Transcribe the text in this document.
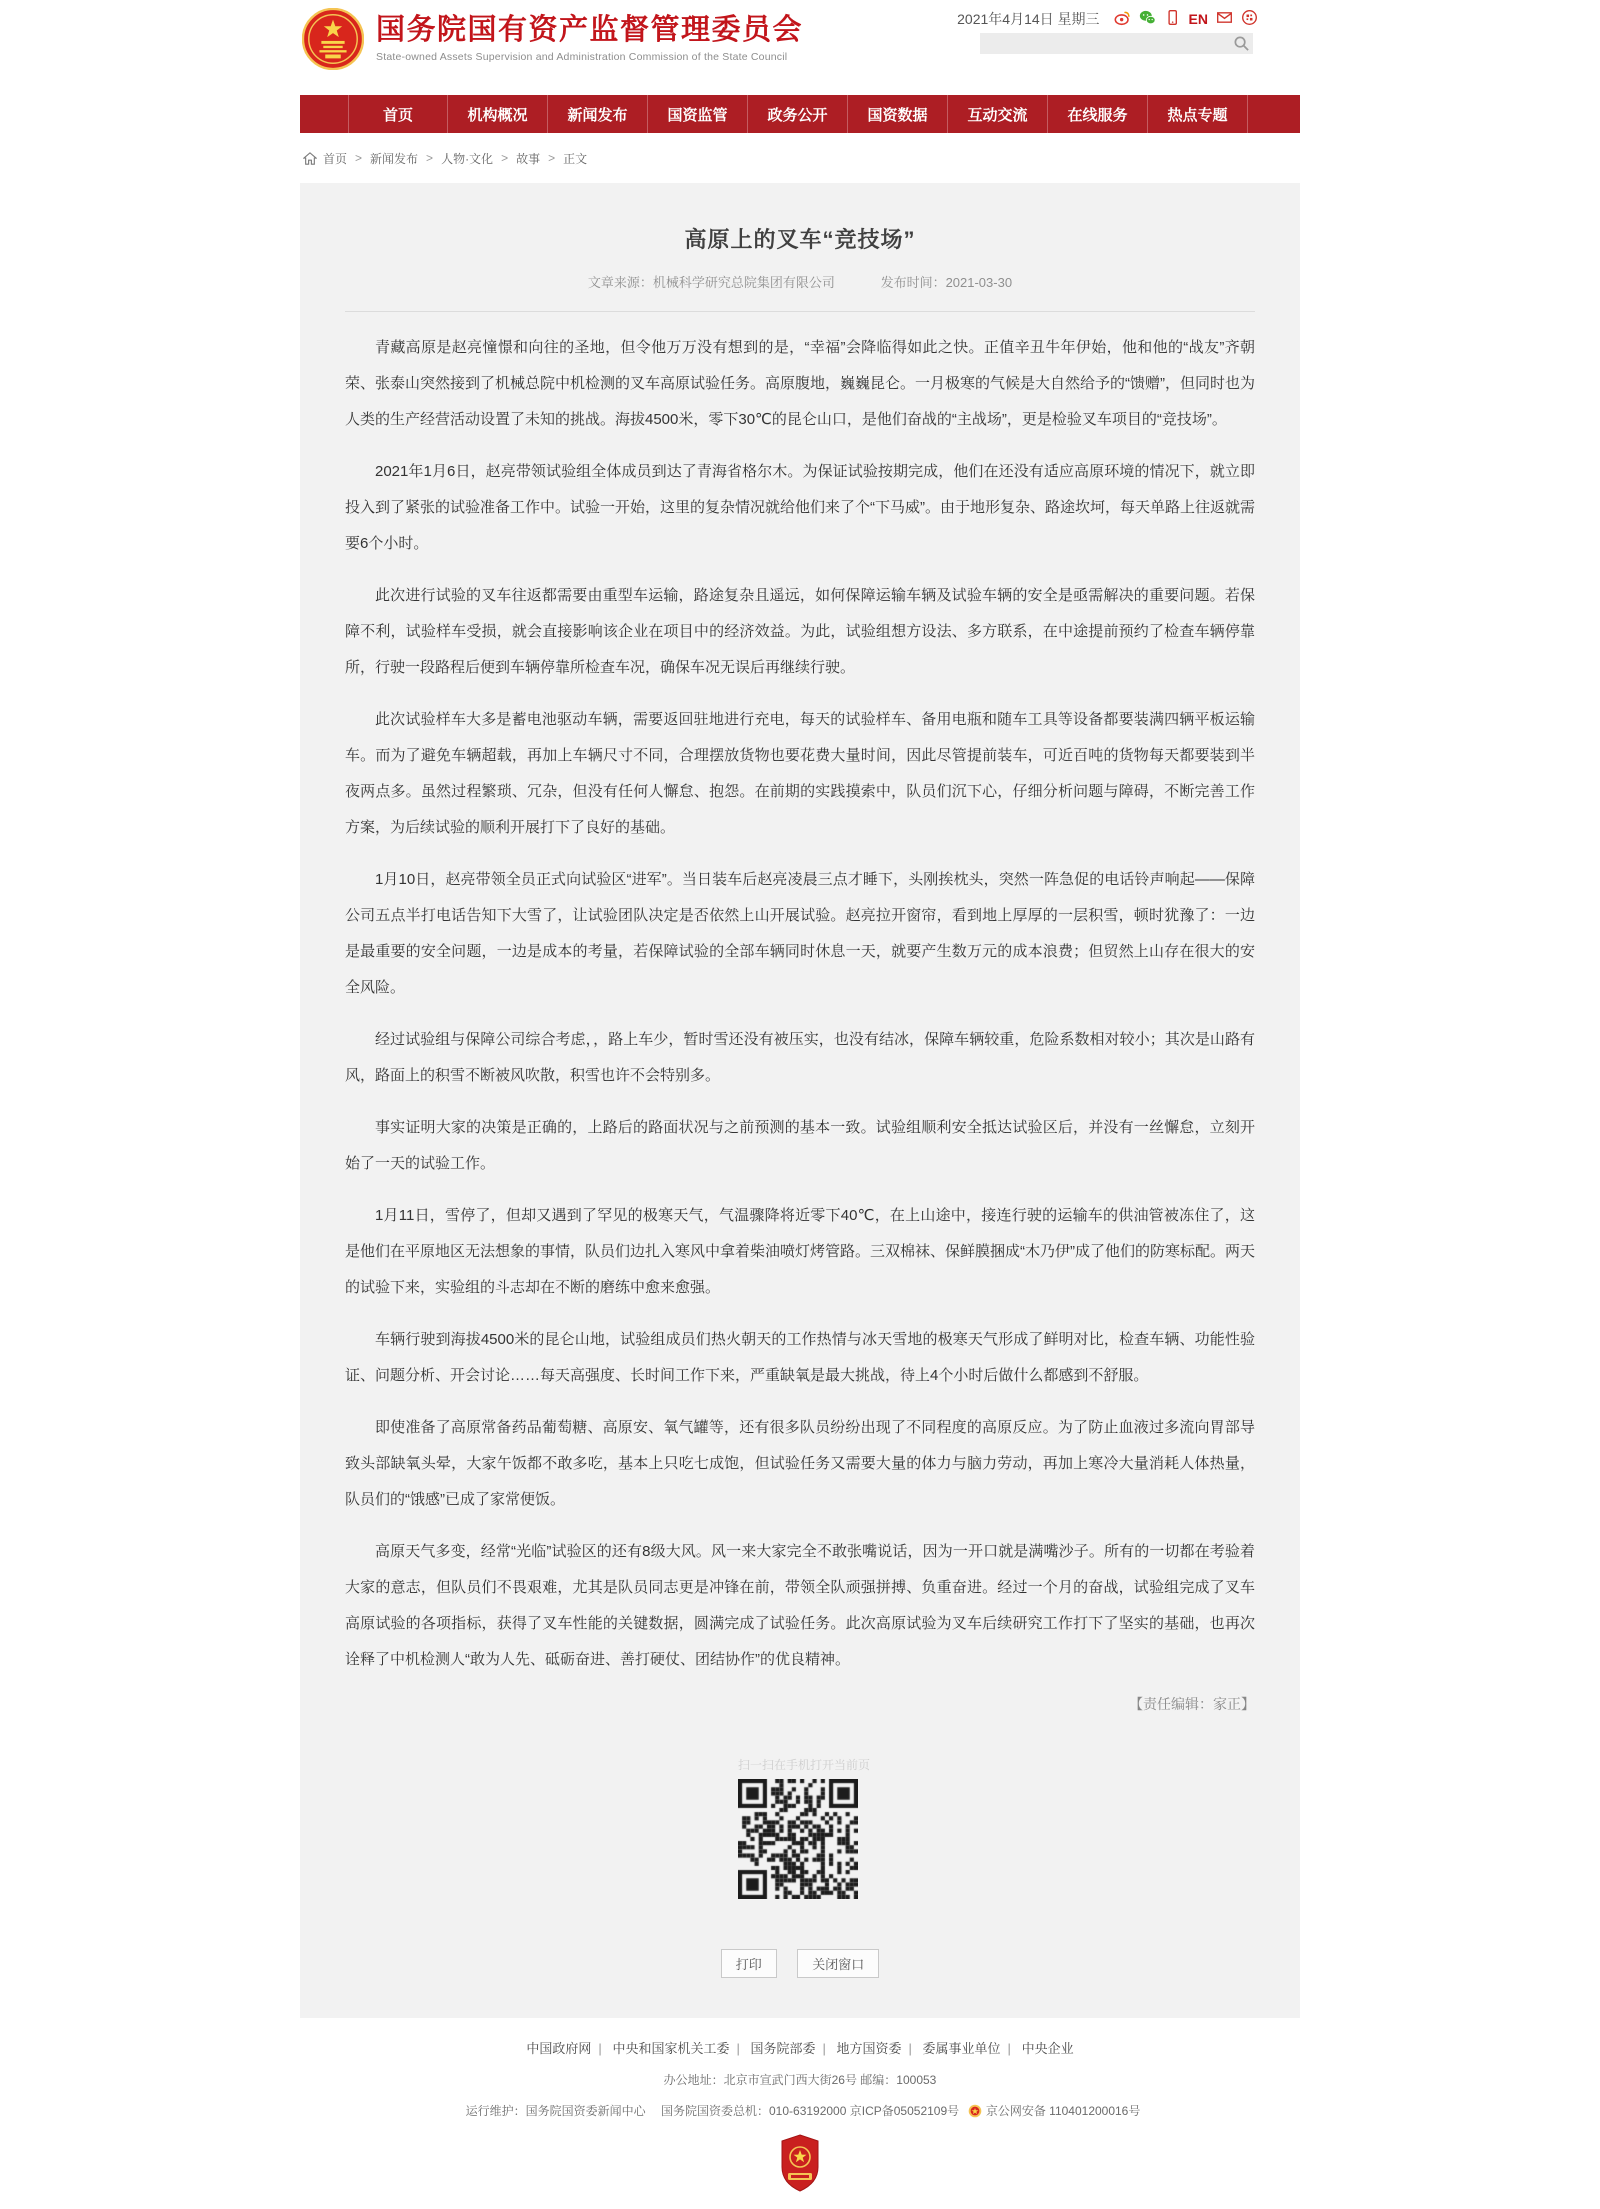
国务院国有资产监督管理委员会
State-owned Assets Supervision and Administration Commission of the State Council
2021年4月14日 星期三	EN
首页	机构概况	新闻发布	国资监管	政务公开	国资数据	互动交流	在线服务	热点专题
首页 > 新闻发布 > 人物·文化 > 故事 > 正文
高原上的叉车“竞技场”
文章来源：机械科学研究总院集团有限公司	发布时间：2021-03-30

青藏高原是赵亮憧憬和向往的圣地，但令他万万没有想到的是，“幸福”会降临得如此之快。正值辛丑牛年伊始，他和他的“战友”齐朝荣、张泰山突然接到了机械总院中机检测的叉车高原试验任务。高原腹地，巍巍昆仑。一月极寒的气候是大自然给予的“馈赠”，但同时也为人类的生产经营活动设置了未知的挑战。海拔4500米，零下30℃的昆仑山口，是他们奋战的“主战场”，更是检验叉车项目的“竞技场”。

2021年1月6日，赵亮带领试验组全体成员到达了青海省格尔木。为保证试验按期完成，他们在还没有适应高原环境的情况下，就立即投入到了紧张的试验准备工作中。试验一开始，这里的复杂情况就给他们来了个“下马威”。由于地形复杂、路途坎坷，每天单路上往返就需要6个小时。

此次进行试验的叉车往返都需要由重型车运输，路途复杂且遥远，如何保障运输车辆及试验车辆的安全是亟需解决的重要问题。若保障不利，试验样车受损，就会直接影响该企业在项目中的经济效益。为此，试验组想方设法、多方联系，在中途提前预约了检查车辆停靠所，行驶一段路程后便到车辆停靠所检查车况，确保车况无误后再继续行驶。

此次试验样车大多是蓄电池驱动车辆，需要返回驻地进行充电，每天的试验样车、备用电瓶和随车工具等设备都要装满四辆平板运输车。而为了避免车辆超载，再加上车辆尺寸不同，合理摆放货物也要花费大量时间，因此尽管提前装车，可近百吨的货物每天都要装到半夜两点多。虽然过程繁琐、冗杂，但没有任何人懈怠、抱怨。在前期的实践摸索中，队员们沉下心，仔细分析问题与障碍，不断完善工作方案，为后续试验的顺利开展打下了良好的基础。

1月10日，赵亮带领全员正式向试验区“进军”。当日装车后赵亮凌晨三点才睡下，头刚挨枕头，突然一阵急促的电话铃声响起——保障公司五点半打电话告知下大雪了，让试验团队决定是否依然上山开展试验。赵亮拉开窗帘，看到地上厚厚的一层积雪，顿时犹豫了：一边是最重要的安全问题，一边是成本的考量，若保障试验的全部车辆同时休息一天，就要产生数万元的成本浪费；但贸然上山存在很大的安全风险。

经过试验组与保障公司综合考虑，，路上车少，暂时雪还没有被压实，也没有结冰，保障车辆较重，危险系数相对较小；其次是山路有风，路面上的积雪不断被风吹散，积雪也许不会特别多。

事实证明大家的决策是正确的，上路后的路面状况与之前预测的基本一致。试验组顺利安全抵达试验区后，并没有一丝懈怠，立刻开始了一天的试验工作。

1月11日，雪停了，但却又遇到了罕见的极寒天气，气温骤降将近零下40℃，在上山途中，接连行驶的运输车的供油管被冻住了，这是他们在平原地区无法想象的事情，队员们边扎入寒风中拿着柴油喷灯烤管路。三双棉袜、保鲜膜捆成“木乃伊”成了他们的防寒标配。两天的试验下来，实验组的斗志却在不断的磨练中愈来愈强。

车辆行驶到海拔4500米的昆仑山地，试验组成员们热火朝天的工作热情与冰天雪地的极寒天气形成了鲜明对比，检查车辆、功能性验证、问题分析、开会讨论……每天高强度、长时间工作下来，严重缺氧是最大挑战，待上4个小时后做什么都感到不舒服。

即使准备了高原常备药品葡萄糖、高原安、氧气罐等，还有很多队员纷纷出现了不同程度的高原反应。为了防止血液过多流向胃部导致头部缺氧头晕，大家午饭都不敢多吃，基本上只吃七成饱，但试验任务又需要大量的体力与脑力劳动，再加上寒冷大量消耗人体热量，队员们的“饿感”已成了家常便饭。

高原天气多变，经常“光临”试验区的还有8级大风。风一来大家完全不敢张嘴说话，因为一开口就是满嘴沙子。所有的一切都在考验着大家的意志，但队员们不畏艰难，尤其是队员同志更是冲锋在前，带领全队顽强拼搏、负重奋进。经过一个月的奋战，试验组完成了叉车高原试验的各项指标，获得了叉车性能的关键数据，圆满完成了试验任务。此次高原试验为叉车后续研究工作打下了坚实的基础，也再次诠释了中机检测人“敢为人先、砥砺奋进、善打硬仗、团结协作”的优良精神。

【责任编辑：家正】
扫一扫在手机打开当前页
打印	关闭窗口
中国政府网 | 中央和国家机关工委 | 国务院部委 | 地方国资委 | 委属事业单位 | 中央企业
办公地址：北京市宣武门西大街26号 邮编：100053
运行维护：国务院国资委新闻中心 国务院国资委总机：010-63192000 京ICP备05052109号 京公网安备 110401200016号
